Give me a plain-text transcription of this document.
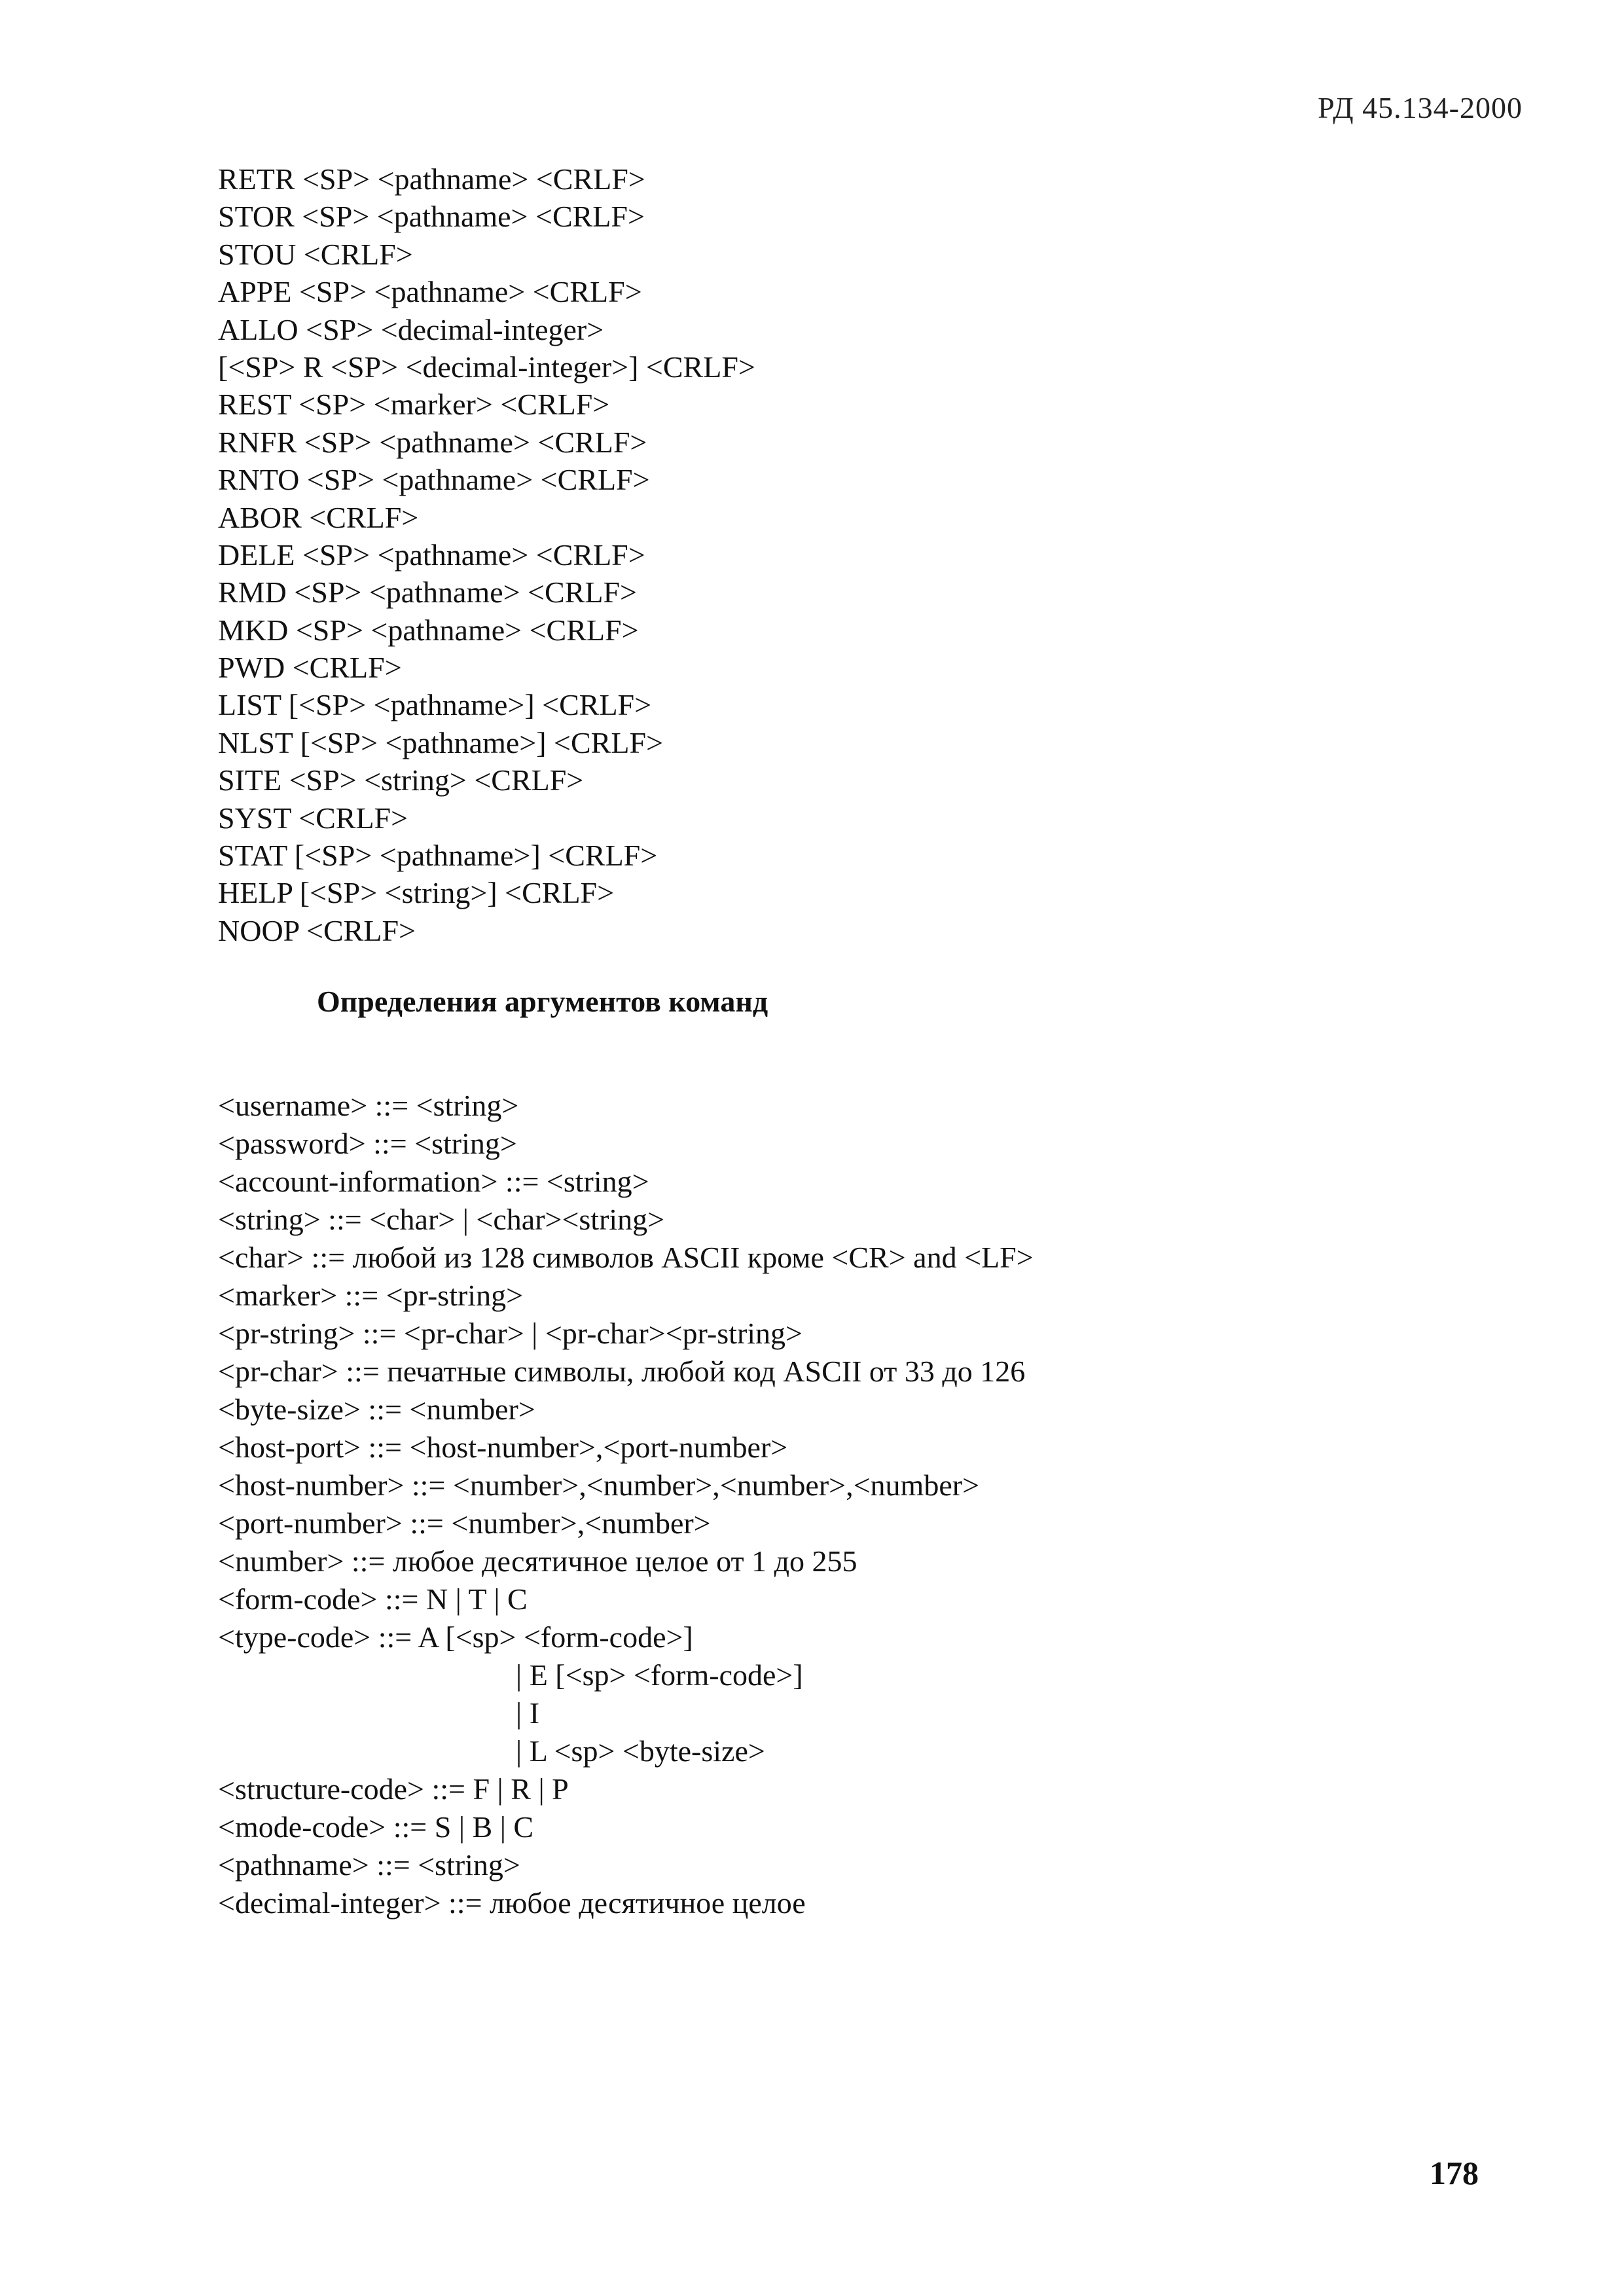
РД 45.134-2000
RETR <SP> <pathname> <CRLF>
STOR <SP> <pathname> <CRLF>
STOU <CRLF>
APPE <SP> <pathname> <CRLF>
ALLO <SP> <decimal-integer>
[<SP> R <SP> <decimal-integer>] <CRLF>
REST <SP> <marker> <CRLF>
RNFR <SP> <pathname> <CRLF>
RNTO <SP> <pathname> <CRLF>
ABOR <CRLF>
DELE <SP> <pathname> <CRLF>
RMD <SP> <pathname> <CRLF>
MKD <SP> <pathname> <CRLF>
PWD <CRLF>
LIST [<SP> <pathname>] <CRLF>
NLST [<SP> <pathname>] <CRLF>
SITE <SP> <string> <CRLF>
SYST <CRLF>
STAT [<SP> <pathname>] <CRLF>
HELP [<SP> <string>] <CRLF>
NOOP <CRLF>
Определения аргументов команд
<username> ::= <string>
<password> ::= <string>
<account-information> ::= <string>
<string> ::= <char> | <char><string>
<char> ::= любой из 128 символов ASCII кроме <CR> and <LF>
<marker> ::= <pr-string>
<pr-string> ::= <pr-char> | <pr-char><pr-string>
<pr-char> ::= печатные символы, любой код ASCII от 33 до 126
<byte-size> ::= <number>
<host-port> ::= <host-number>,<port-number>
<host-number> ::= <number>,<number>,<number>,<number>
<port-number> ::= <number>,<number>
<number> ::= любое десятичное целое от 1 до 255
<form-code> ::= N | T | C
<type-code> ::= A [<sp> <form-code>]
| E [<sp> <form-code>]
| I
| L <sp> <byte-size>
<structure-code> ::= F | R | P
<mode-code> ::= S | B | C
<pathname> ::= <string>
<decimal-integer> ::= любое десятичное целое
178
